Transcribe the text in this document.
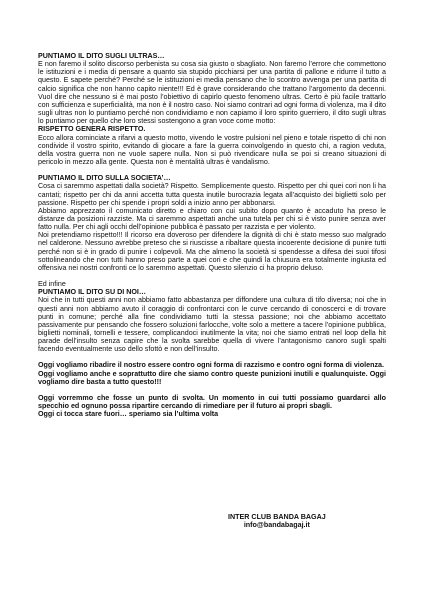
PUNTIAMO IL DITO SUGLI ULTRAS…

E non faremo il solito discorso perbenista su cosa sia giusto o sbagliato. Non faremo l’errore che commettono le istituzioni e i media di pensare a quanto sia stupido picchiarsi per una partita di pallone e ridurre il tutto a questo. E sapete perché? Perché se le istituzioni ei media pensano che lo scontro avvenga per una partita di calcio significa che non hanno capito niente!!! Ed è grave considerando che trattano l’argomento da decenni. Vuol dire che nessuno si è mai posto l’obiettivo di capirlo questo fenomeno ultras. Certo è più facile trattarlo con sufficienza e superficialità, ma non è il nostro caso. Noi siamo contrari ad ogni forma di violenza, ma il dito sugli ultras non lo puntiamo perché non condividiamo e non capiamo il loro spirito guerriero, il dito sugli ultras lo puntiamo per quello che loro stessi sostengono a gran voce come motto:

RISPETTO GENERA RISPETTO.

Ecco allora cominciate a rifarvi a questo motto, vivendo le vostre pulsioni nel pieno e totale rispetto di chi non condivide il vostro spirito, evitando di giocare a fare la guerra coinvolgendo in questo chi, a ragion veduta, della vostra guerra non ne vuole sapere nulla. Non si può rivendicare nulla se poi si creano situazioni di pericolo in mezzo alla gente. Questa non è mentalità ultras è vandalismo.

PUNTIAMO IL DITO SULLA SOCIETA’…

Cosa ci saremmo aspettati dalla società? Rispetto. Semplicemente questo. Rispetto per chi quei cori non li ha cantati; rispetto per chi da anni accetta tutta questa inutile burocrazia legata all’acquisto dei biglietti solo per passione. Rispetto per chi spende i propri soldi a inizio anno per abbonarsi.

Abbiamo apprezzato il comunicato diretto e chiaro con cui subito dopo quanto è accaduto ha preso le distanze da posizioni razziste. Ma ci saremmo aspettati anche una tutela per chi si è visto punire senza aver fatto nulla. Per chi agli occhi dell’opinione pubblica è passato per razzista e per violento.

Noi pretendiamo rispetto!!! Il ricorso era doveroso per difendere la dignità di chi è stato messo suo malgrado nel calderone. Nessuno avrebbe preteso che si riuscisse a ribaltare questa incoerente decisione di punire tutti perché non si è in grado di punire i colpevoli. Ma che almeno la società si spendesse a difesa dei suoi tifosi sottolineando che non tutti hanno preso parte a quei cori e che quindi la chiusura era totalmente ingiusta ed offensiva nei nostri confronti ce lo saremmo aspettati. Questo silenzio ci ha proprio deluso.

Ed infine

PUNTIAMO IL DITO SU DI NOI…

Noi che in tutti questi anni non abbiamo fatto abbastanza per diffondere una cultura di tifo diversa; noi che in questi anni non abbiamo avuto il coraggio di confrontarci con le curve cercando di conoscerci e di trovare punti in comune; perché alla fine condividiamo tutti la stessa passione; noi che abbiamo accettato passivamente pur pensando che fossero soluzioni farlocche, volte solo a mettere a tacere l’opinione pubblica, biglietti nominali, tornelli e tessere, complicandoci inutilmente la vita; noi che siamo entrati nel loop della hit parade dell’insulto senza capire che la svolta sarebbe quella di vivere l’antagonismo canoro sugli spalti facendo eventualmente uso dello sfottò e non dell’insulto.

Oggi vogliamo ribadire il nostro essere contro ogni forma di razzismo e contro ogni forma di violenza.

Oggi vogliamo anche e soprattutto dire che siamo contro queste punizioni inutili e qualunquiste. Oggi vogliamo dire basta a tutto questo!!!

Oggi vorremmo che fosse un punto di svolta. Un momento in cui tutti possiamo guardarci allo specchio ed ognuno possa ripartire cercando di rimediare per il futuro ai propri sbagli.

Oggi ci tocca stare fuori… speriamo sia l’ultima volta

INTER CLUB BANDA BAGAJ
info@bandabagaj.it
